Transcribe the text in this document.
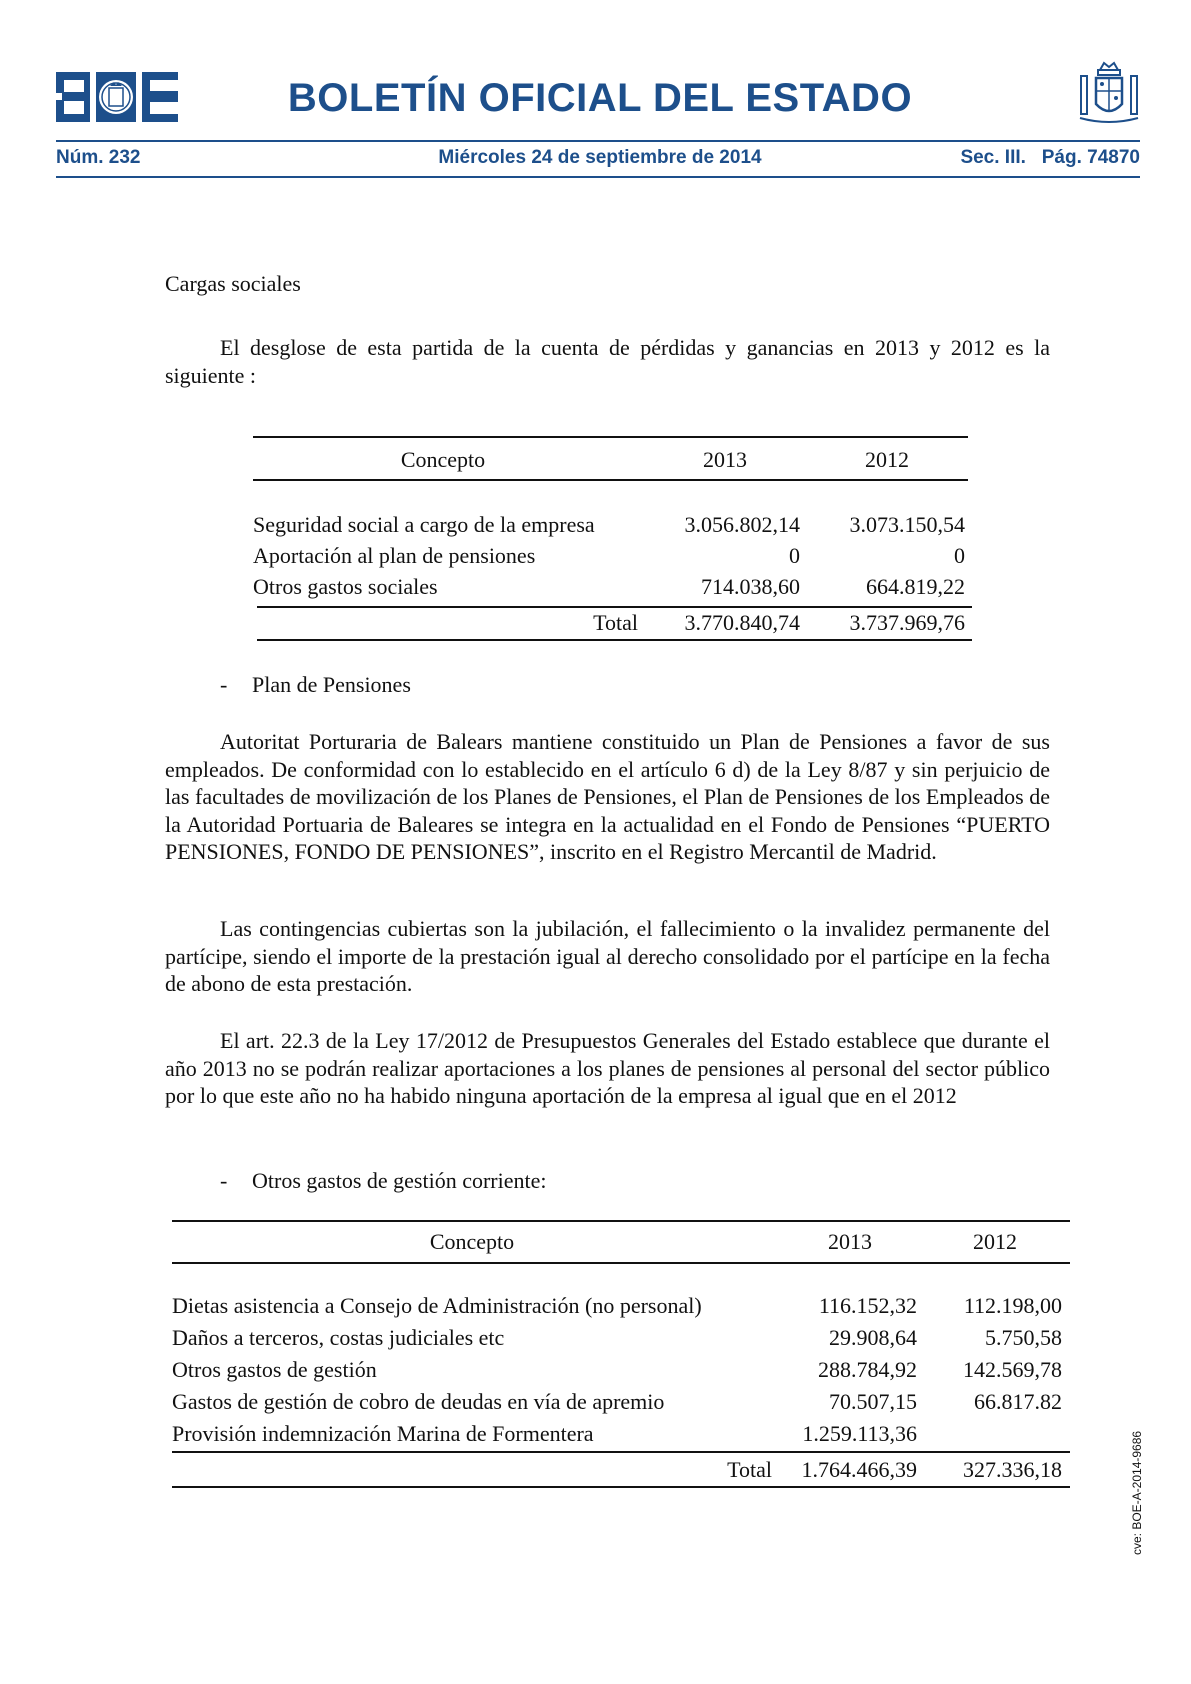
BOLETÍN OFICIAL DEL ESTADO
Núm. 232	Miércoles 24 de septiembre de 2014	Sec. III.   Pág. 74870
Cargas sociales

El desglose de esta partida de la cuenta de pérdidas y ganancias en 2013 y 2012 es la siguiente :

Concepto	2013	2012
Seguridad social a cargo de la empresa	3.056.802,14	3.073.150,54
Aportación al plan de pensiones	0	0
Otros gastos sociales	714.038,60	664.819,22
Total	3.770.840,74	3.737.969,76
- Plan de Pensiones

Autoritat Porturaria de Balears mantiene constituido un Plan de Pensiones a favor de sus empleados. De conformidad con lo establecido en el artículo 6 d) de la Ley 8/87 y sin perjuicio de las facultades de movilización de los Planes de Pensiones, el Plan de Pensiones de los Empleados de la Autoridad Portuaria de Baleares se integra en la actualidad en el Fondo de Pensiones “PUERTO PENSIONES, FONDO DE PENSIONES”, inscrito en el Registro Mercantil de Madrid.

Las contingencias cubiertas son la jubilación, el fallecimiento o la invalidez permanente del partícipe, siendo el importe de la prestación igual al derecho consolidado por el partícipe en la fecha de abono de esta prestación.

El art. 22.3 de la Ley 17/2012 de Presupuestos Generales del Estado establece que durante el año 2013 no se podrán realizar aportaciones a los planes de pensiones al personal del sector público por lo que este año no ha habido ninguna aportación de la empresa al igual que en el 2012

- Otros gastos de gestión corriente:
Concepto	2013	2012
Dietas asistencia a Consejo de Administración (no personal)	116.152,32	112.198,00
Daños a terceros, costas judiciales etc	29.908,64	5.750,58
Otros gastos de gestión	288.784,92	142.569,78
Gastos de gestión de cobro de deudas en vía de apremio	70.507,15	66.817.82
Provisión indemnización Marina de Formentera	1.259.113,36
Total	1.764.466,39	327.336,18	cve: BOE-A-2014-9686
